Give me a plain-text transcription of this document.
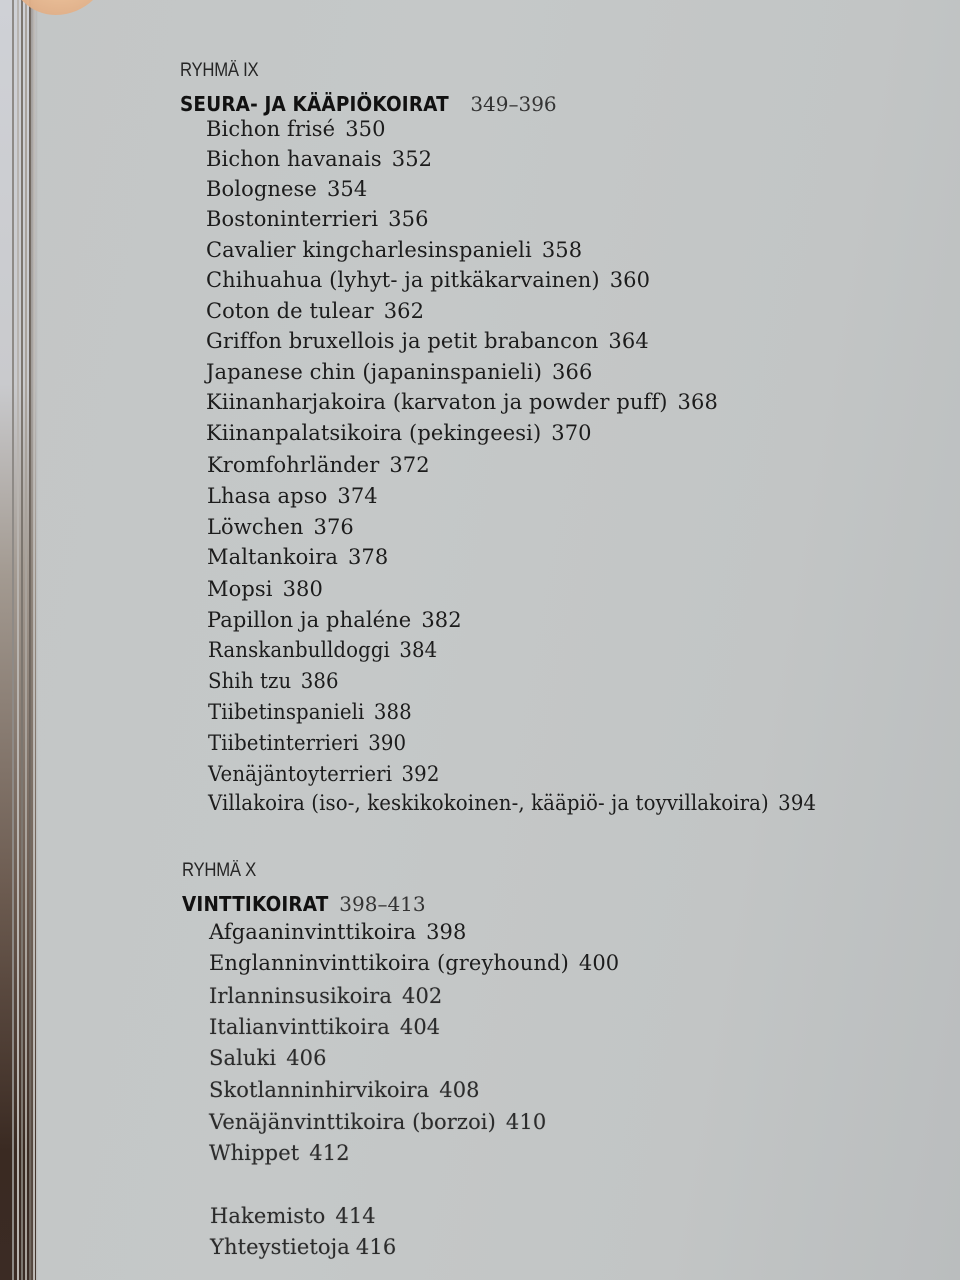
RYHMÄ IX
SEURA- JA KÄÄPIÖKOIRAT 349–396
Bichon frisé 350
Bichon havanais 352
Bolognese 354
Bostoninterrieri 356
Cavalier kingcharlesinspanieli 358
Chihuahua (lyhyt- ja pitkäkarvainen) 360
Coton de tulear 362
Griffon bruxellois ja petit brabancon 364
Japanese chin (japaninspanieli) 366
Kiinanharjakoira (karvaton ja powder puff) 368
Kiinanpalatsikoira (pekingeesi) 370
Kromfohrländer 372
Lhasa apso 374
Löwchen 376
Maltankoira 378
Mopsi 380
Papillon ja phaléne 382
Ranskanbulldoggi 384
Shih tzu 386
Tiibetinspanieli 388
Tiibetinterrieri 390
Venäjäntoyterrieri 392
Villakoira (iso-, keskikokoinen-, kääpiö- ja toyvillakoira) 394
RYHMÄ X
VINTTIKOIRAT 398–413
Afgaaninvinttikoira 398
Englanninvinttikoira (greyhound) 400
Irlanninsusikoira 402
Italianvinttikoira 404
Saluki 406
Skotlanninhirvikoira 408
Venäjänvinttikoira (borzoi) 410
Whippet 412
Hakemisto 414
Yhteystietoja 416
